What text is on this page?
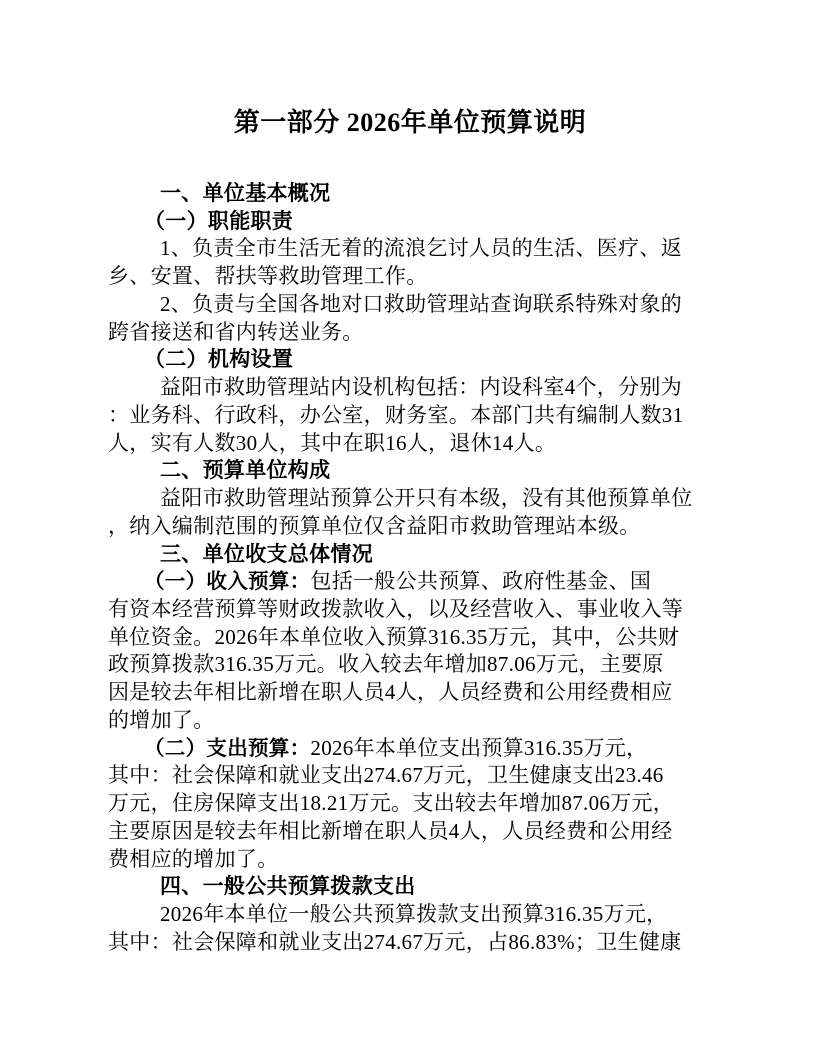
第一部分 2026年单位预算说明
一、单位基本概况
（一）职能职责
1、负责全市生活无着的流浪乞讨人员的生活、医疗、返
乡、安置、帮扶等救助管理工作。
2、负责与全国各地对口救助管理站查询联系特殊对象的
跨省接送和省内转送业务。
（二）机构设置
益阳市救助管理站内设机构包括：内设科室4个，分别为
：业务科、行政科，办公室，财务室。本部门共有编制人数31
人，实有人数30人，其中在职16人，退休14人。
二、预算单位构成
益阳市救助管理站预算公开只有本级，没有其他预算单位
，纳入编制范围的预算单位仅含益阳市救助管理站本级。
三、单位收支总体情况
（一）收入预算：包括一般公共预算、政府性基金、国
有资本经营预算等财政拨款收入，以及经营收入、事业收入等
单位资金。2026年本单位收入预算316.35万元，其中，公共财
政预算拨款316.35万元。收入较去年增加87.06万元，主要原
因是较去年相比新增在职人员4人，人员经费和公用经费相应
的增加了。
（二）支出预算：2026年本单位支出预算316.35万元，
其中：社会保障和就业支出274.67万元，卫生健康支出23.46
万元，住房保障支出18.21万元。支出较去年增加87.06万元，
主要原因是较去年相比新增在职人员4人，人员经费和公用经
费相应的增加了。
四、一般公共预算拨款支出
2026年本单位一般公共预算拨款支出预算316.35万元，
其中：社会保障和就业支出274.67万元，占86.83%；卫生健康
